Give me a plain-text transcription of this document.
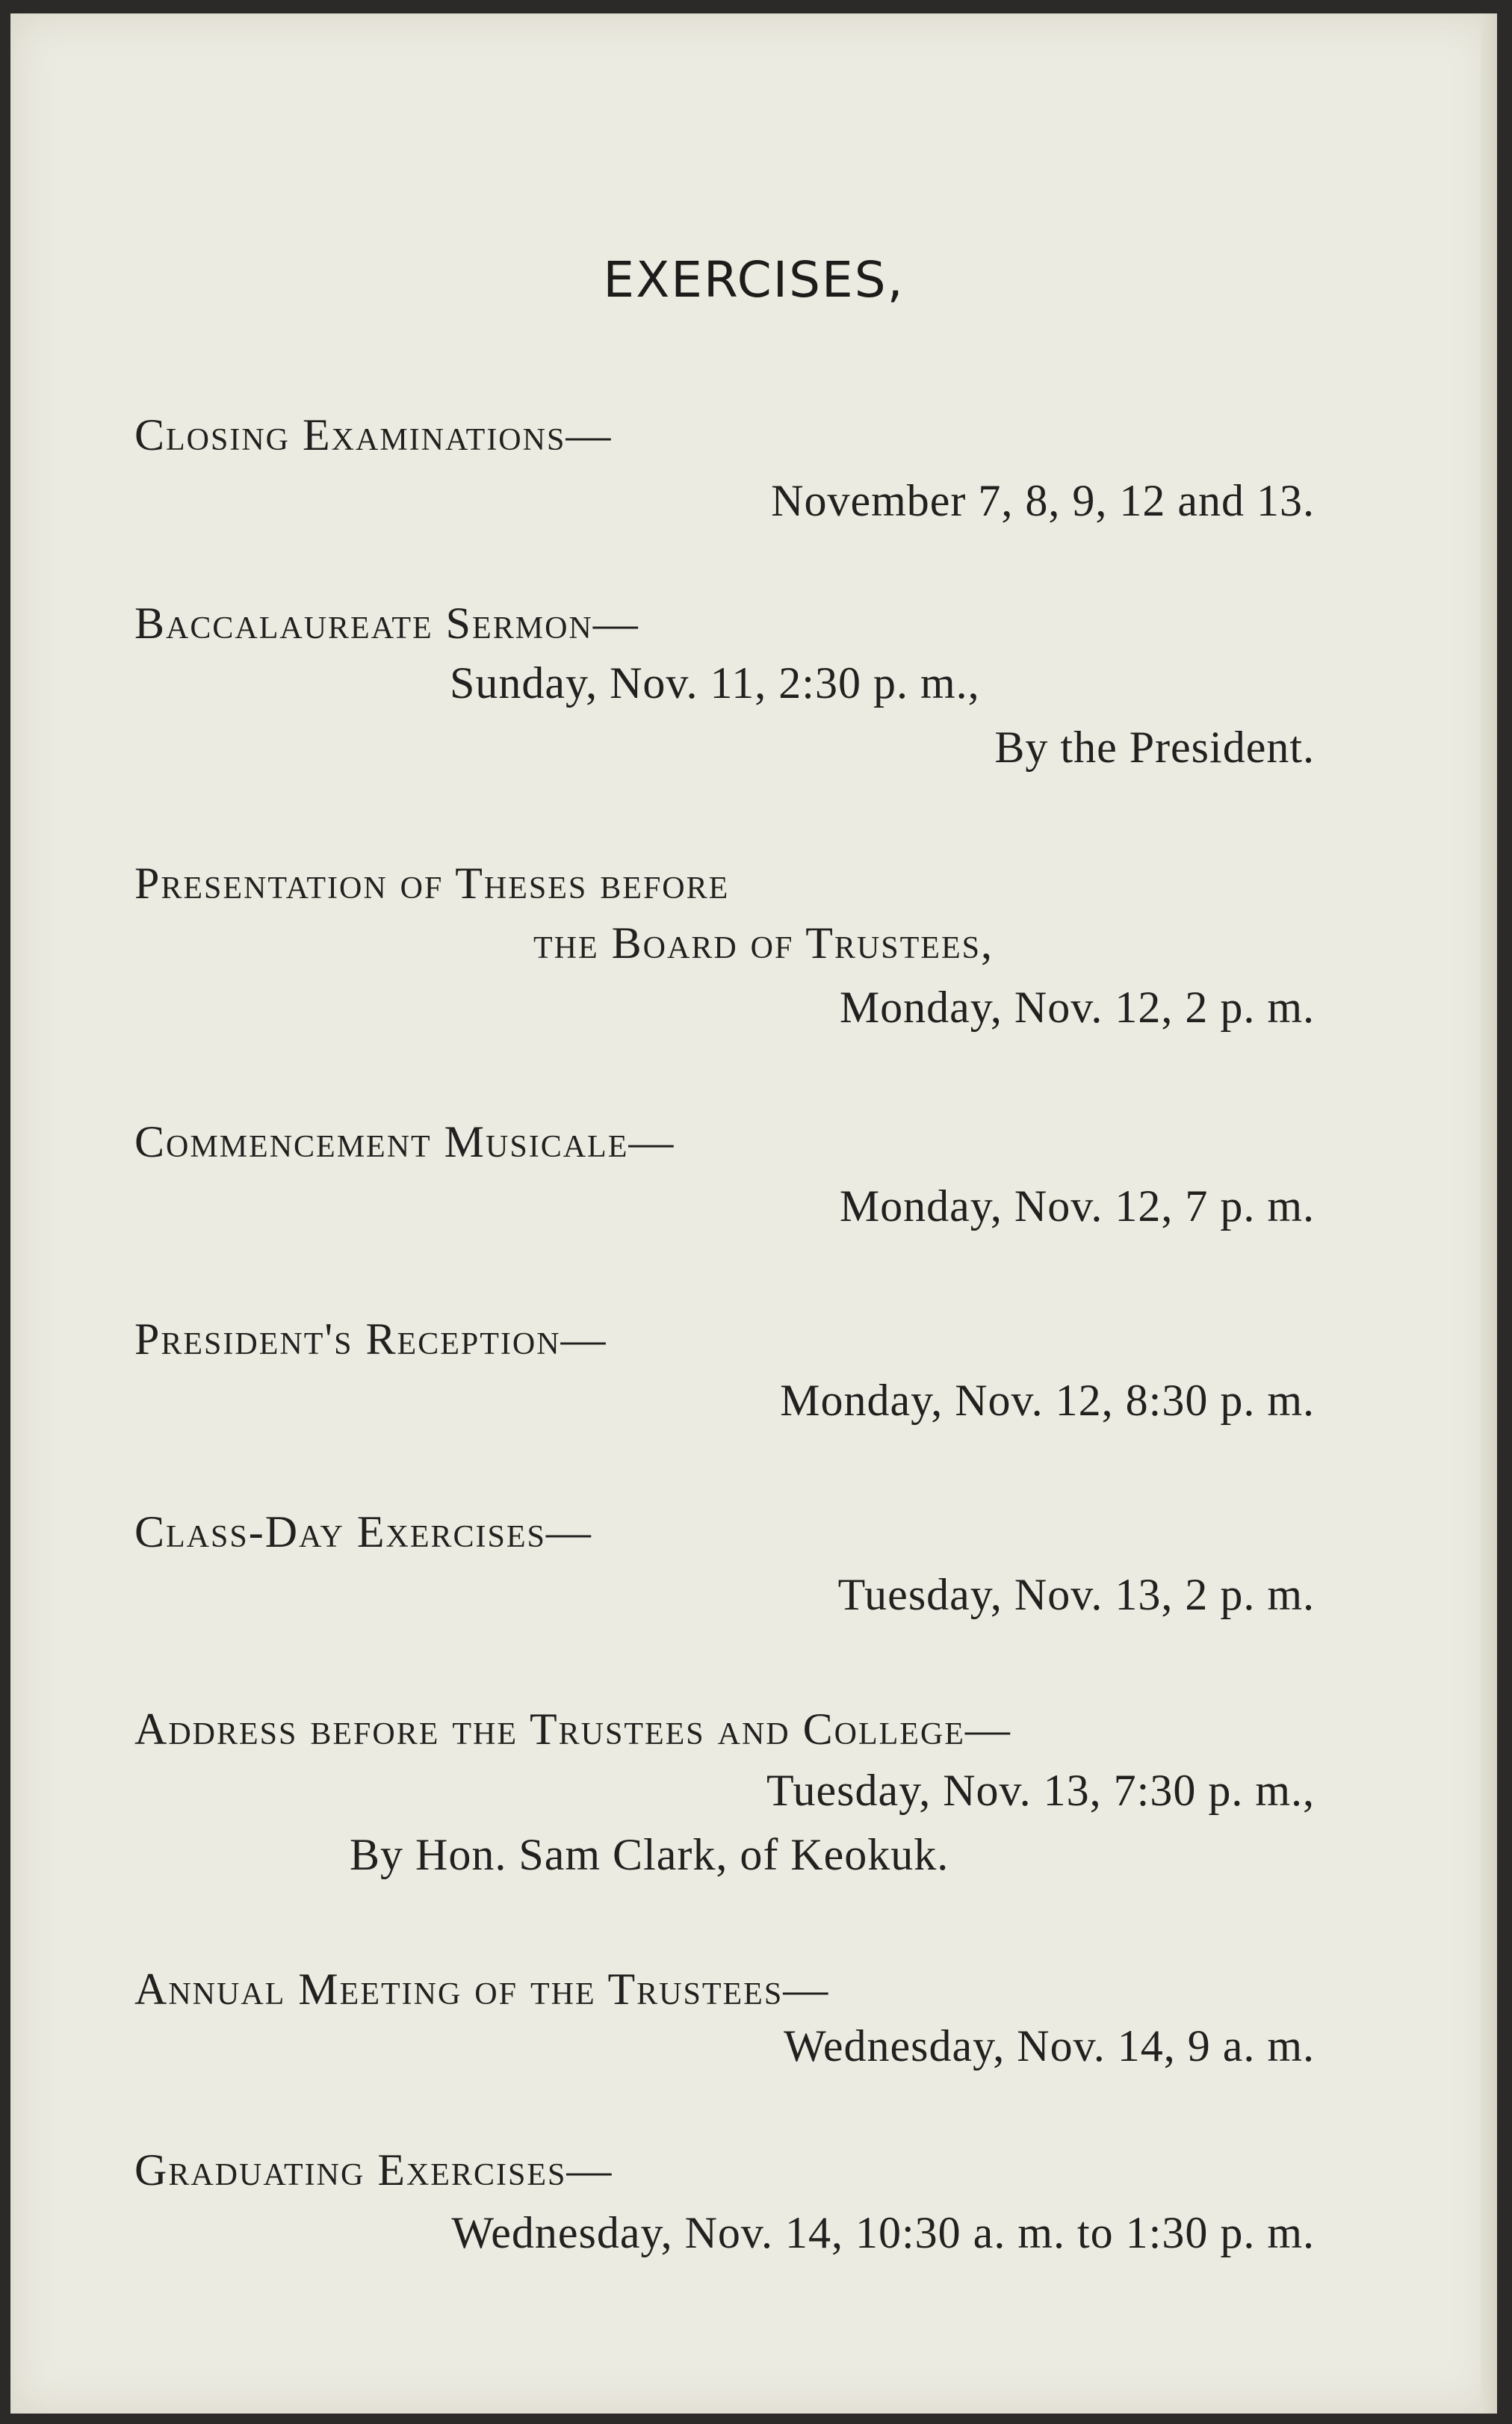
EXERCISES,
Closing Examinations—
November 7, 8, 9, 12 and 13.
Baccalaureate Sermon—
Sunday, Nov. 11, 2:30 p. m.,
By the President.
Presentation of Theses before
the Board of Trustees,
Monday, Nov. 12, 2 p. m.
Commencement Musicale—
Monday, Nov. 12, 7 p. m.
President's Reception—
Monday, Nov. 12, 8:30 p. m.
Class-Day Exercises—
Tuesday, Nov. 13, 2 p. m.
Address before the Trustees and College—
Tuesday, Nov. 13, 7:30 p. m.,
By Hon. Sam Clark, of Keokuk.
Annual Meeting of the Trustees—
Wednesday, Nov. 14, 9 a. m.
Graduating Exercises—
Wednesday, Nov. 14, 10:30 a. m. to 1:30 p. m.
